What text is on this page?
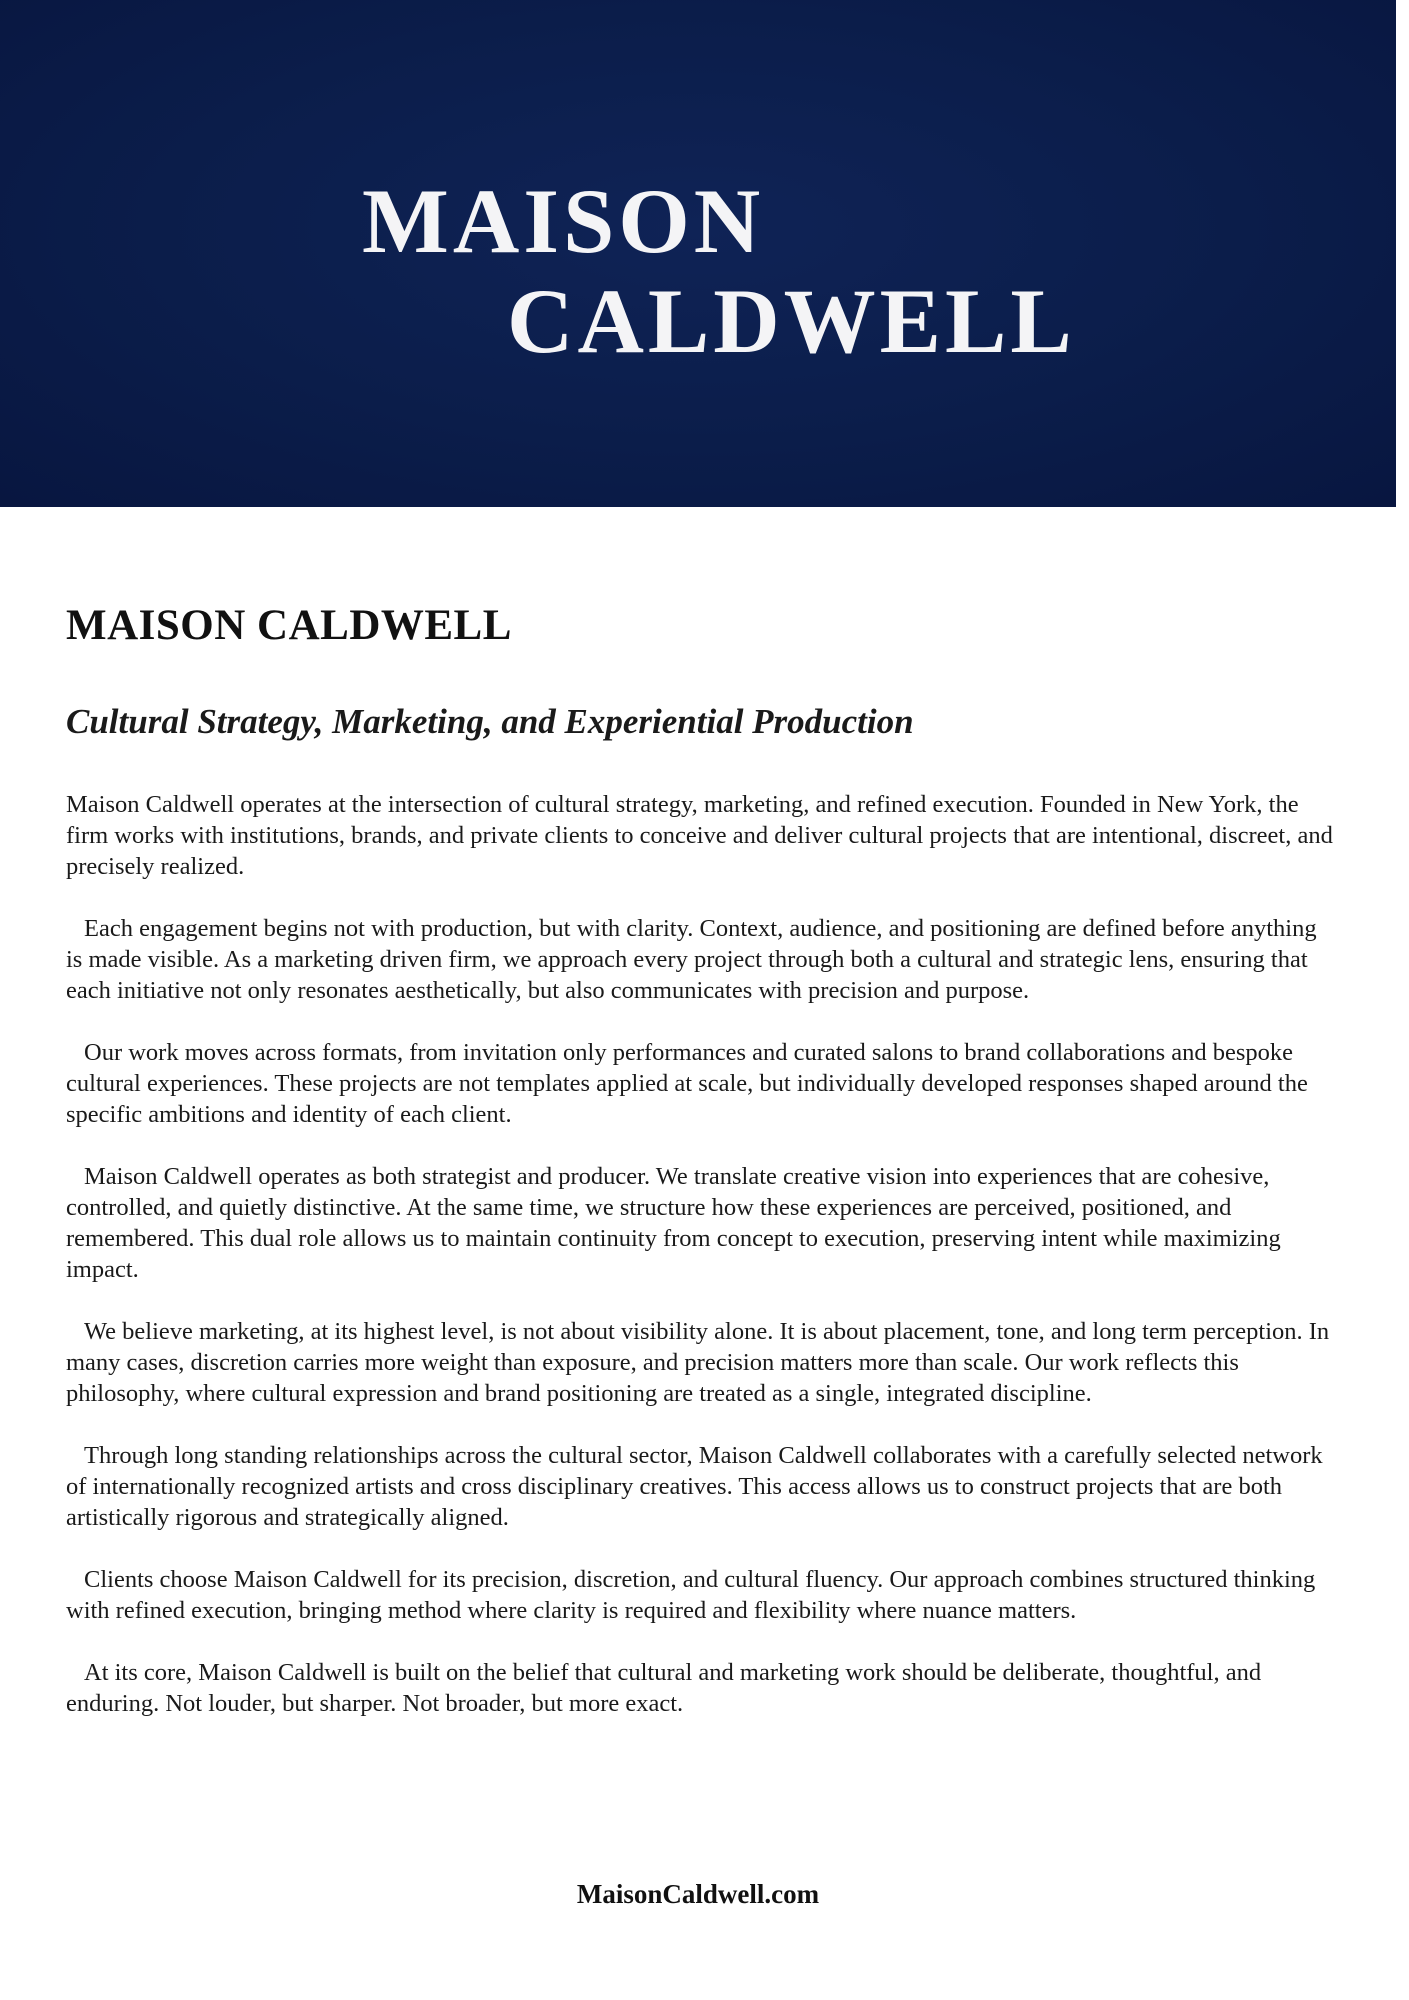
MAISON

CALDWELL

MAISON CALDWELL
Cultural Strategy, Marketing, and Experiential Production

Maison Caldwell operates at the intersection of cultural strategy, marketing, and refined execution. Founded in New York, the firm works with institutions, brands, and private clients to conceive and deliver cultural projects that are intentional, discreet, and precisely realized.

Each engagement begins not with production, but with clarity. Context, audience, and positioning are defined before anything is made visible. As a marketing driven firm, we approach every project through both a cultural and strategic lens, ensuring that each initiative not only resonates aesthetically, but also communicates with precision and purpose.

Our work moves across formats, from invitation only performances and curated salons to brand collaborations and bespoke cultural experiences. These projects are not templates applied at scale, but individually developed responses shaped around the specific ambitions and identity of each client.

Maison Caldwell operates as both strategist and producer. We translate creative vision into experiences that are cohesive, controlled, and quietly distinctive. At the same time, we structure how these experiences are perceived, positioned, and remembered. This dual role allows us to maintain continuity from concept to execution, preserving intent while maximizing impact.

We believe marketing, at its highest level, is not about visibility alone. It is about placement, tone, and long term perception. In many cases, discretion carries more weight than exposure, and precision matters more than scale. Our work reflects this philosophy, where cultural expression and brand positioning are treated as a single, integrated discipline.

Through long standing relationships across the cultural sector, Maison Caldwell collaborates with a carefully selected network of internationally recognized artists and cross disciplinary creatives. This access allows us to construct projects that are both artistically rigorous and strategically aligned.

Clients choose Maison Caldwell for its precision, discretion, and cultural fluency. Our approach combines structured thinking with refined execution, bringing method where clarity is required and flexibility where nuance matters.

At its core, Maison Caldwell is built on the belief that cultural and marketing work should be deliberate, thoughtful, and enduring. Not louder, but sharper. Not broader, but more exact.

MaisonCaldwell.com
